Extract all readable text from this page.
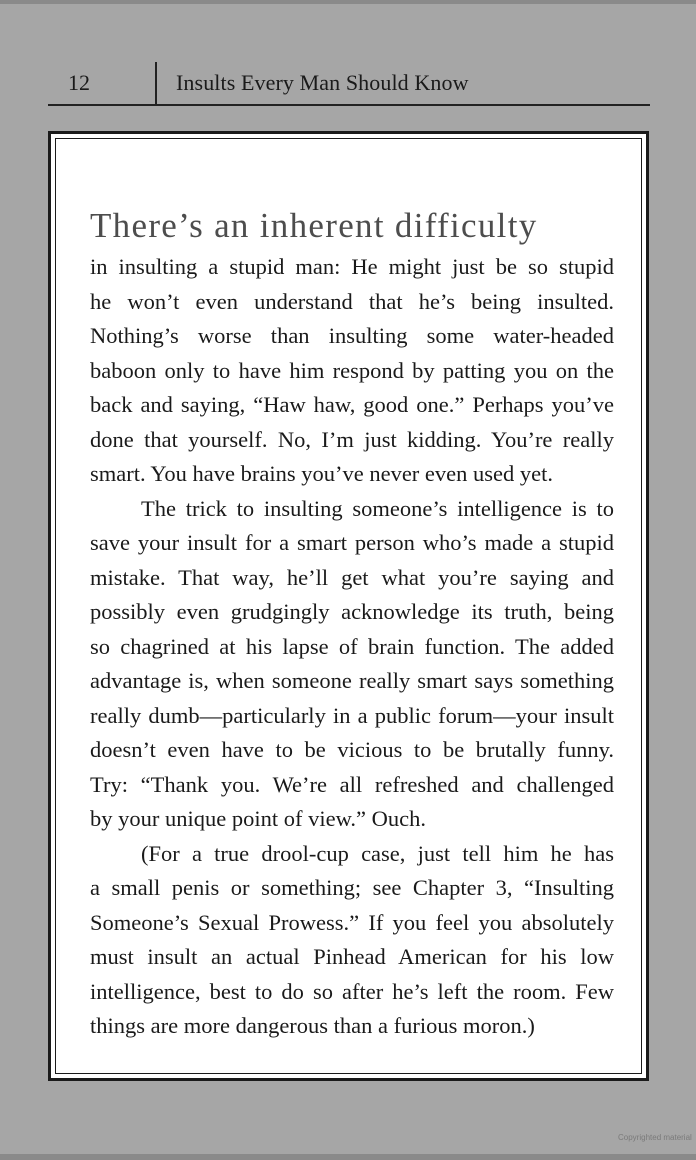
12	Insults Every Man Should Know
There’s an inherent difficulty
in insulting a stupid man: He might just be so stupid
he won’t even understand that he’s being insulted.
Nothing’s worse than insulting some water-headed
baboon only to have him respond by patting you on the
back and saying, “Haw haw, good one.” Perhaps you’ve
done that yourself. No, I’m just kidding. You’re really
smart. You have brains you’ve never even used yet.
The trick to insulting someone’s intelligence is to
save your insult for a smart person who’s made a stupid
mistake. That way, he’ll get what you’re saying and
possibly even grudgingly acknowledge its truth, being
so chagrined at his lapse of brain function. The added
advantage is, when someone really smart says something
really dumb—particularly in a public forum—your insult
doesn’t even have to be vicious to be brutally funny.
Try: “Thank you. We’re all refreshed and challenged
by your unique point of view.” Ouch.
(For a true drool-cup case, just tell him he has
a small penis or something; see Chapter 3, “Insulting
Someone’s Sexual Prowess.” If you feel you absolutely
must insult an actual Pinhead American for his low
intelligence, best to do so after he’s left the room. Few
things are more dangerous than a furious moron.)
Copyrighted material
